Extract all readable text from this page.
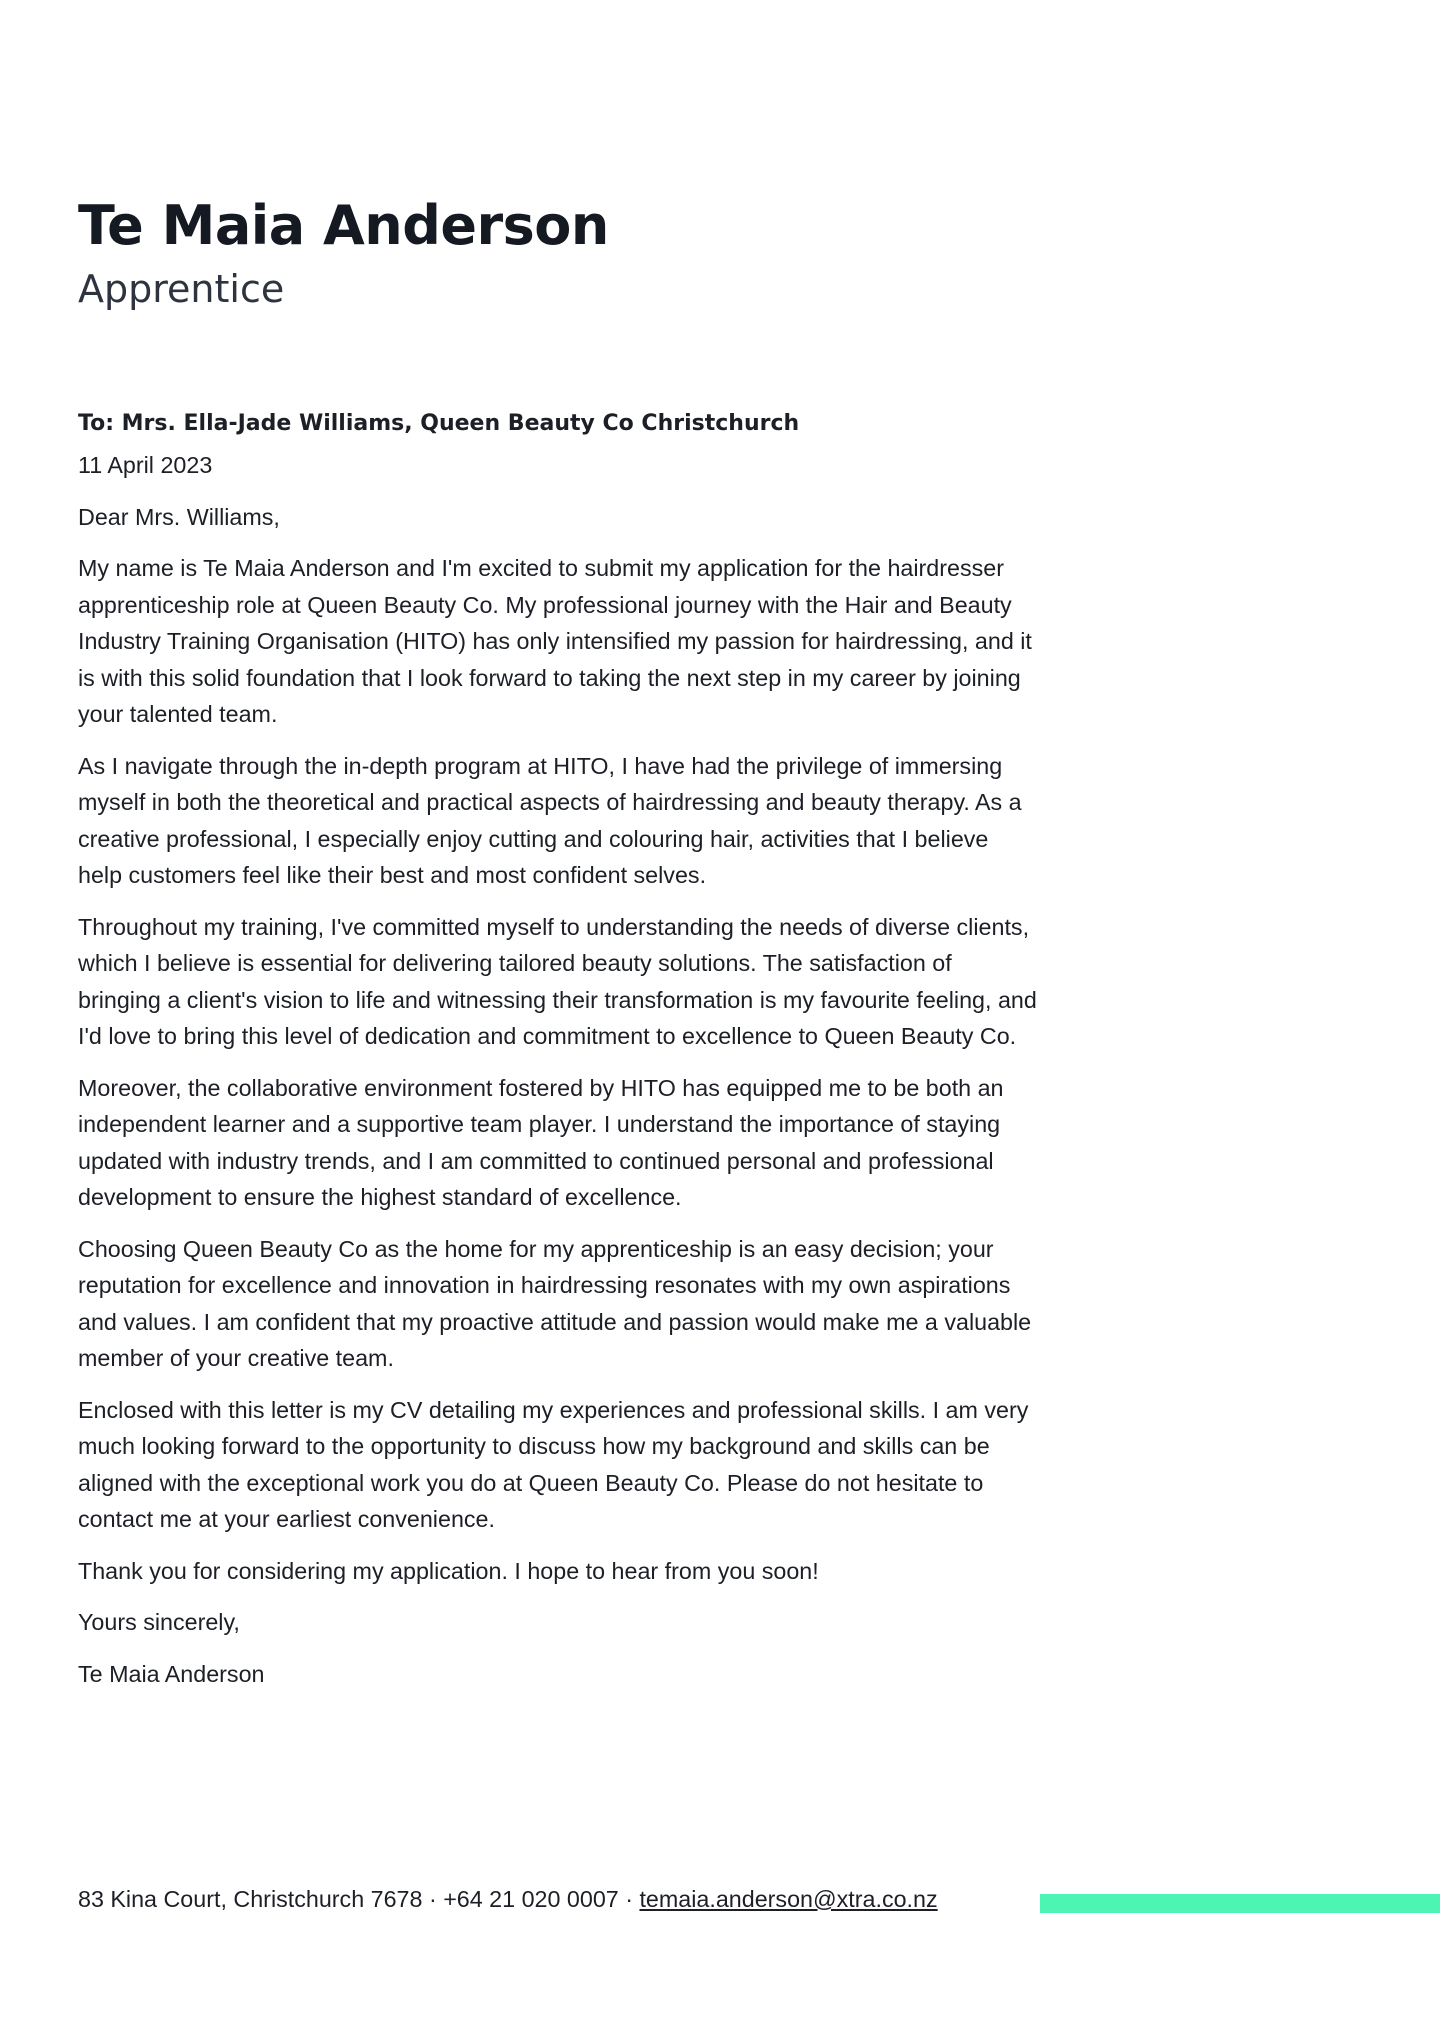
Te Maia Anderson
Apprentice

To: Mrs. Ella-Jade Williams, Queen Beauty Co Christchurch

11 April 2023

Dear Mrs. Williams,

My name is Te Maia Anderson and I'm excited to submit my application for the hairdresser apprenticeship role at Queen Beauty Co. My professional journey with the Hair and Beauty Industry Training Organisation (HITO) has only intensified my passion for hairdressing, and it is with this solid foundation that I look forward to taking the next step in my career by joining your talented team.

As I navigate through the in-depth program at HITO, I have had the privilege of immersing myself in both the theoretical and practical aspects of hairdressing and beauty therapy. As a creative professional, I especially enjoy cutting and colouring hair, activities that I believe help customers feel like their best and most confident selves.

Throughout my training, I've committed myself to understanding the needs of diverse clients, which I believe is essential for delivering tailored beauty solutions. The satisfaction of bringing a client's vision to life and witnessing their transformation is my favourite feeling, and I'd love to bring this level of dedication and commitment to excellence to Queen Beauty Co.

Moreover, the collaborative environment fostered by HITO has equipped me to be both an independent learner and a supportive team player. I understand the importance of staying updated with industry trends, and I am committed to continued personal and professional development to ensure the highest standard of excellence.

Choosing Queen Beauty Co as the home for my apprenticeship is an easy decision; your reputation for excellence and innovation in hairdressing resonates with my own aspirations and values. I am confident that my proactive attitude and passion would make me a valuable member of your creative team.

Enclosed with this letter is my CV detailing my experiences and professional skills. I am very much looking forward to the opportunity to discuss how my background and skills can be aligned with the exceptional work you do at Queen Beauty Co. Please do not hesitate to contact me at your earliest convenience.

Thank you for considering my application. I hope to hear from you soon!

Yours sincerely,

Te Maia Anderson

83 Kina Court, Christchurch 7678 · +64 21 020 0007 · temaia.anderson@xtra.co.nz
